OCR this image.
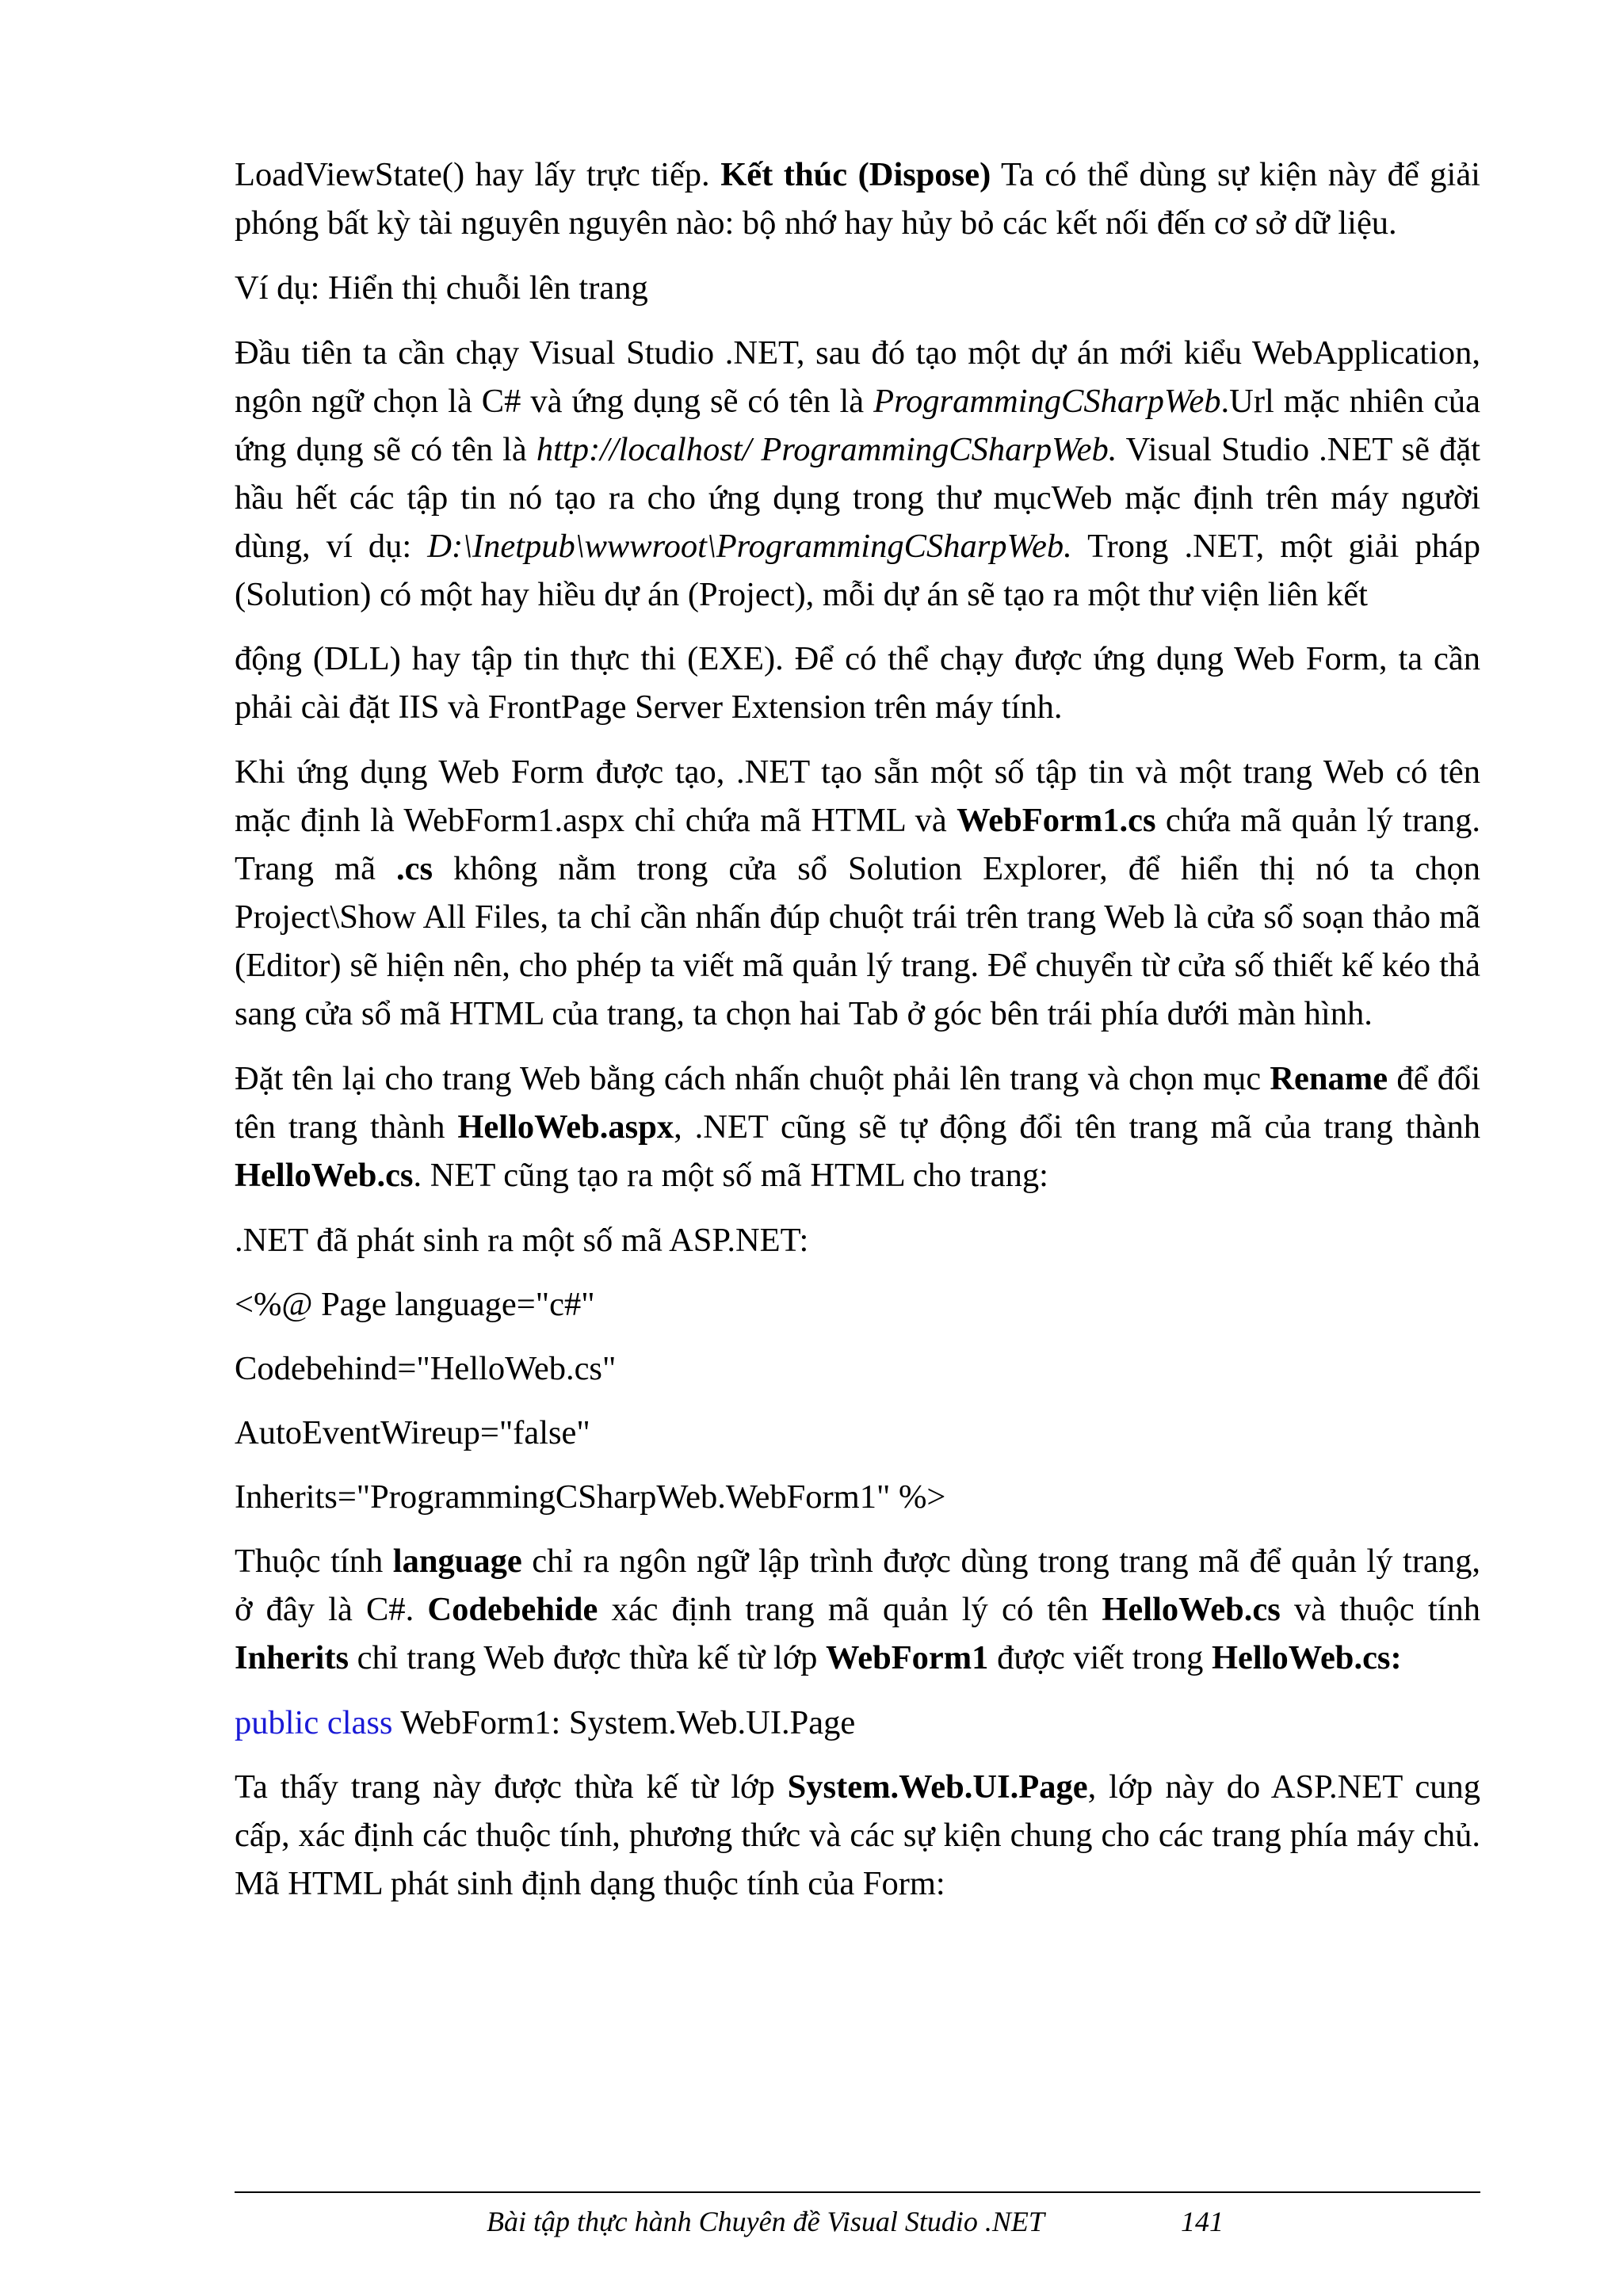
LoadViewState() hay lấy trực tiếp. Kết thúc (Dispose) Ta có thể dùng sự kiện này để giải phóng bất kỳ tài nguyên nguyên nào: bộ nhớ hay hủy bỏ các kết nối đến cơ sở dữ liệu.

Ví dụ: Hiển thị chuỗi lên trang

Đầu tiên ta cần chạy Visual Studio .NET, sau đó tạo một dự án mới kiểu WebApplication, ngôn ngữ chọn là C# và ứng dụng sẽ có tên là ProgrammingCSharpWeb.Url mặc nhiên của ứng dụng sẽ có tên là http://localhost/ ProgrammingCSharpWeb. Visual Studio .NET sẽ đặt hầu hết các tập tin nó tạo ra cho ứng dụng trong thư mụcWeb mặc định trên máy người dùng, ví dụ: D:\Inetpub\wwwroot\ProgrammingCSharpWeb. Trong .NET, một giải pháp (Solution) có một hay hiều dự án (Project), mỗi dự án sẽ tạo ra một thư viện liên kết

động (DLL) hay tập tin thực thi (EXE). Để có thể chạy được ứng dụng Web Form, ta cần phải cài đặt IIS và FrontPage Server Extension trên máy tính.

Khi ứng dụng Web Form được tạo, .NET tạo sẵn một số tập tin và một trang Web có tên mặc định là WebForm1.aspx chỉ chứa mã HTML và WebForm1.cs chứa mã quản lý trang. Trang mã .cs không nằm trong cửa sổ Solution Explorer, để hiển thị nó ta chọn Project\Show All Files, ta chỉ cần nhấn đúp chuột trái trên trang Web là cửa sổ soạn thảo mã (Editor) sẽ hiện nên, cho phép ta viết mã quản lý trang. Để chuyển từ cửa số thiết kế kéo thả sang cửa sổ mã HTML của trang, ta chọn hai Tab ở góc bên trái phía dưới màn hình.

Đặt tên lại cho trang Web bằng cách nhấn chuột phải lên trang và chọn mục Rename để đổi tên trang thành HelloWeb.aspx, .NET cũng sẽ tự động đổi tên trang mã của trang thành HelloWeb.cs. NET cũng tạo ra một số mã HTML cho trang:

.NET đã phát sinh ra một số mã ASP.NET:

<%@ Page language="c#"

Codebehind="HelloWeb.cs"

AutoEventWireup="false"

Inherits="ProgrammingCSharpWeb.WebForm1" %>

Thuộc tính language chỉ ra ngôn ngữ lập trình được dùng trong trang mã để quản lý trang, ở đây là C#. Codebehide xác định trang mã quản lý có tên HelloWeb.cs và thuộc tính Inherits chỉ trang Web được thừa kế từ lớp WebForm1 được viết trong HelloWeb.cs:

public class WebForm1: System.Web.UI.Page

Ta thấy trang này được thừa kế từ lớp System.Web.UI.Page, lớp này do ASP.NET cung cấp, xác định các thuộc tính, phương thức và các sự kiện chung cho các trang phía máy chủ. Mã HTML phát sinh định dạng thuộc tính của Form:

Bài tập thực hành Chuyên đề Visual Studio .NET	141
